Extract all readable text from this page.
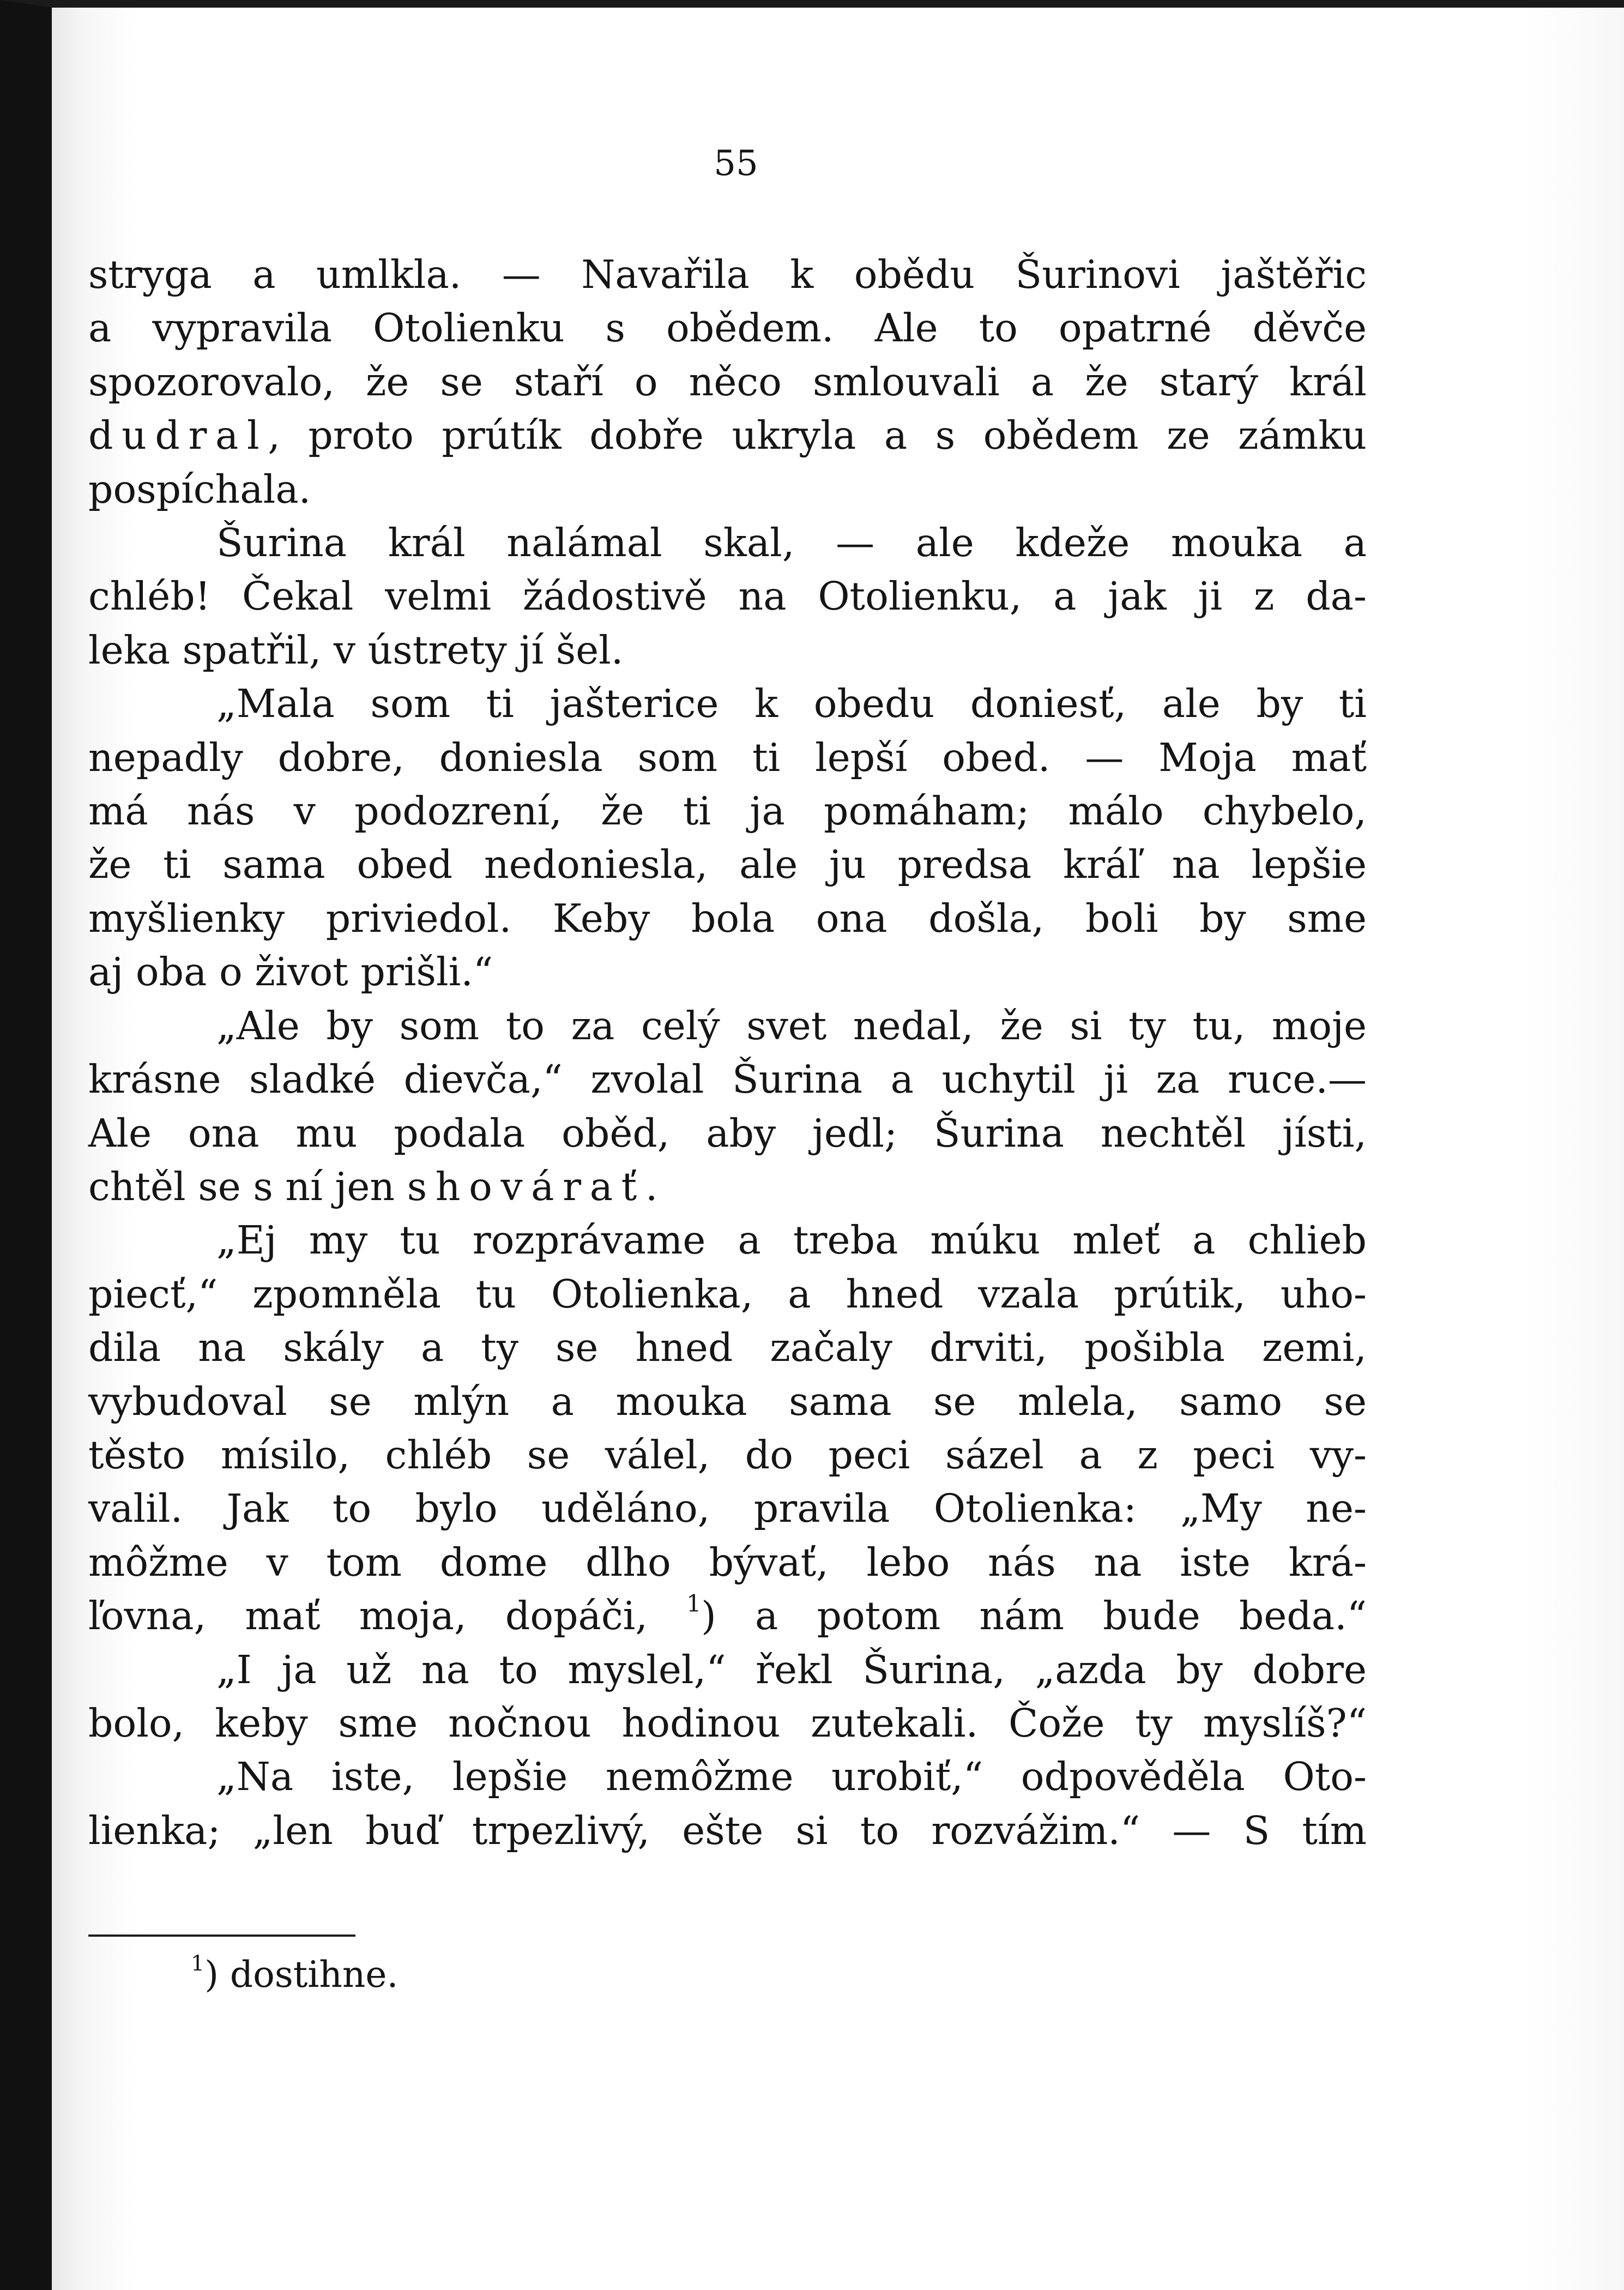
55
stryga a umlkla. — Navařila k obědu Šurinovi jaštěřic
a vypravila Otolienku s obědem. Ale to opatrné děvče
spozorovalo, že se staří o něco smlouvali a že starý král
dudral, proto prútík dobře ukryla a s obědem ze zámku
pospíchala.
Šurina král nalámal skal, — ale kdeže mouka a
chléb! Čekal velmi žádostivě na Otolienku, a jak ji z da-
leka spatřil, v ústrety jí šel.
„Mala som ti jašterice k obedu doniesť, ale by ti
nepadly dobre, doniesla som ti lepší obed. — Moja mať
má nás v podozrení, že ti ja pomáham; málo chybelo,
že ti sama obed nedoniesla, ale ju predsa kráľ na lepšie
myšlienky priviedol. Keby bola ona došla, boli by sme
aj oba o život prišli.“
„Ale by som to za celý svet nedal, že si ty tu, moje
krásne sladké dievča,“ zvolal Šurina a uchytil ji za ruce.—
Ale ona mu podala oběd, aby jedl; Šurina nechtěl jísti,
chtěl se s ní jen shovárať.
„Ej my tu rozprávame a treba múku mleť a chlieb
piecť,“ zpomněla tu Otolienka, a hned vzala prútik, uho-
dila na skály a ty se hned začaly drviti, pošibla zemi,
vybudoval se mlýn a mouka sama se mlela, samo se
těsto mísilo, chléb se válel, do peci sázel a z peci vy-
valil. Jak to bylo uděláno, pravila Otolienka: „My ne-
môžme v tom dome dlho bývať, lebo nás na iste krá-
ľovna, mať moja, dopáči, $^1$) a potom nám bude beda.“
„I ja už na to myslel,“ řekl Šurina, „azda by dobre
bolo, keby sme nočnou hodinou zutekali. Čože ty myslíš?“
„Na iste, lepšie nemôžme urobiť,“ odpověděla Oto-
lienka; „len buď trpezlivý, ešte si to rozvážim.“ — S tím
$^1$) dostihne.
